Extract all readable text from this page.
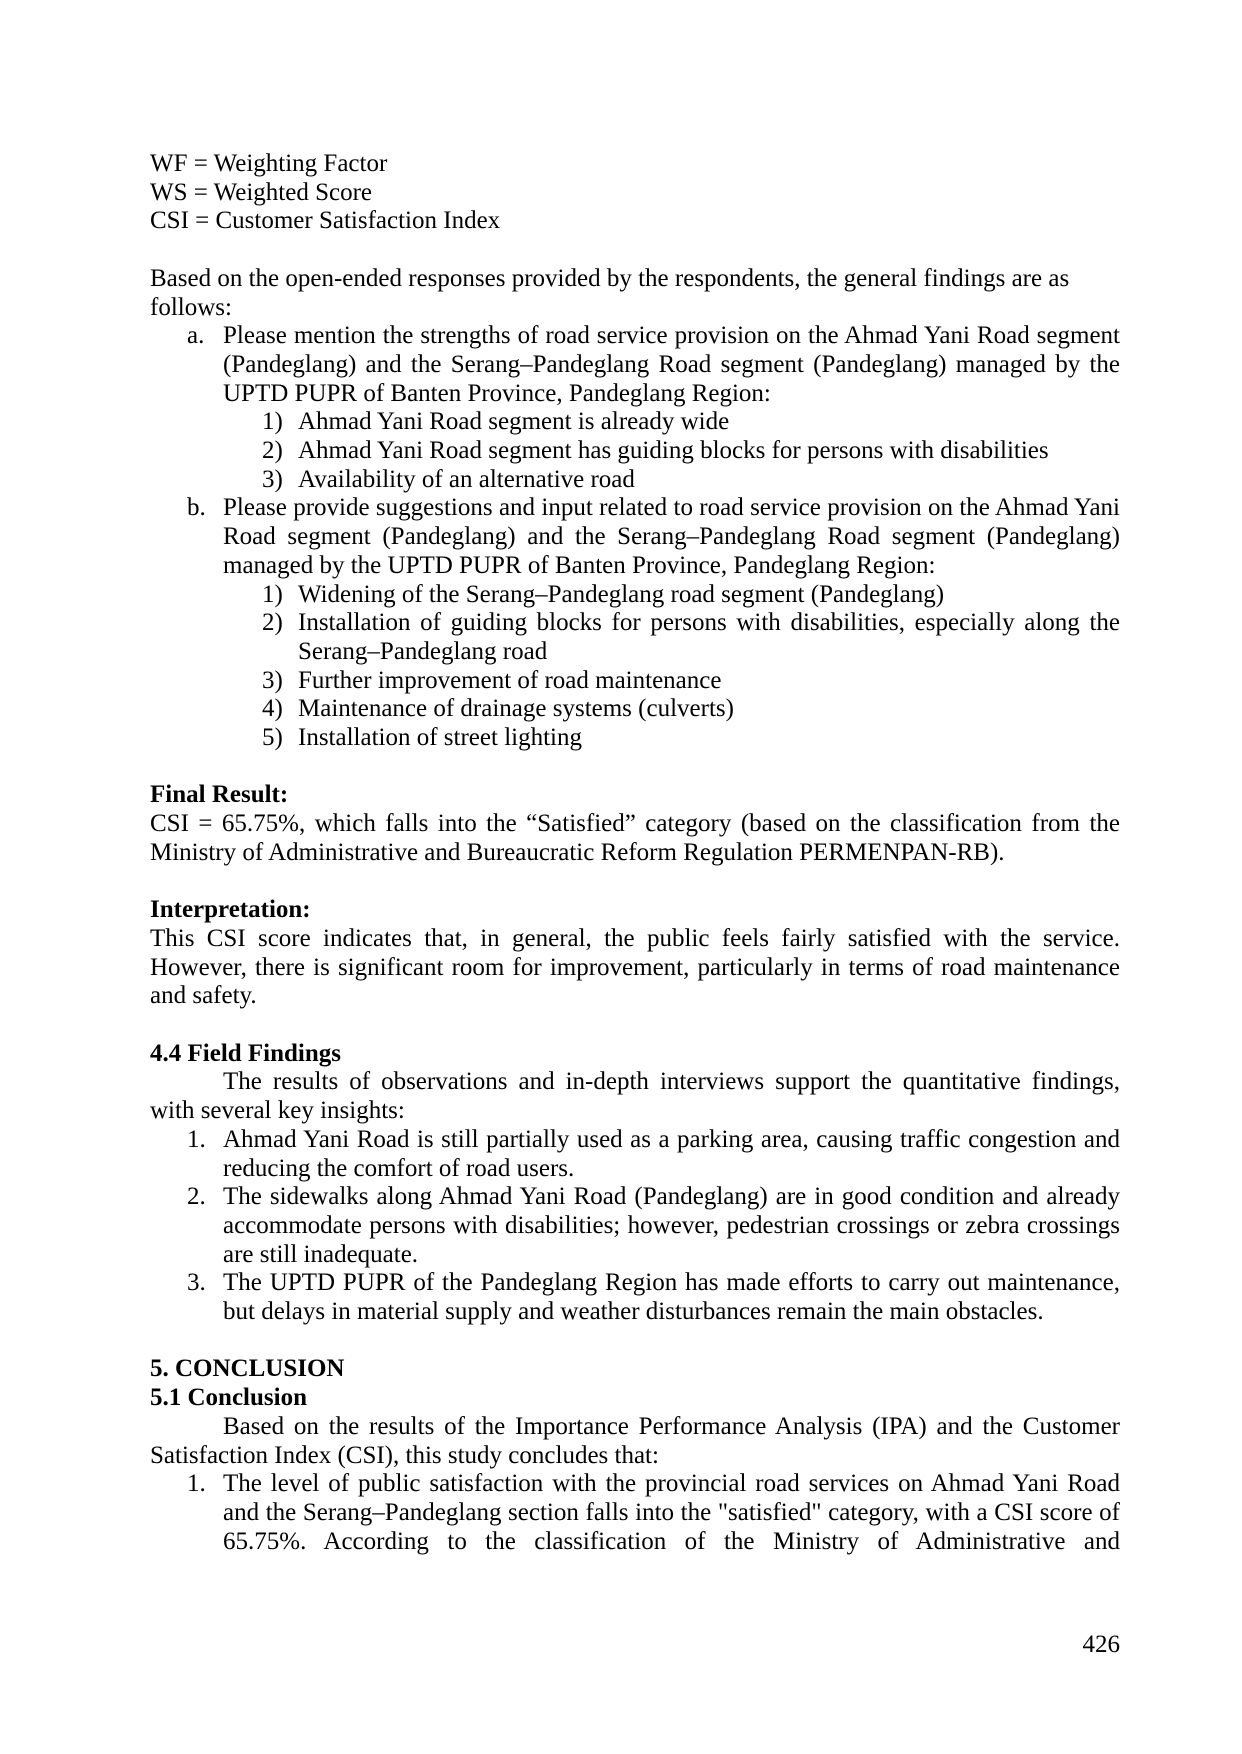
WF = Weighting Factor
WS = Weighted Score
CSI = Customer Satisfaction Index
Based on the open-ended responses provided by the respondents, the general findings are as follows:
a. Please mention the strengths of road service provision on the Ahmad Yani Road segment (Pandeglang) and the Serang–Pandeglang Road segment (Pandeglang) managed by the UPTD PUPR of Banten Province, Pandeglang Region:
1) Ahmad Yani Road segment is already wide
2) Ahmad Yani Road segment has guiding blocks for persons with disabilities
3) Availability of an alternative road
b. Please provide suggestions and input related to road service provision on the Ahmad Yani Road segment (Pandeglang) and the Serang–Pandeglang Road segment (Pandeglang) managed by the UPTD PUPR of Banten Province, Pandeglang Region:
1) Widening of the Serang–Pandeglang road segment (Pandeglang)
2) Installation of guiding blocks for persons with disabilities, especially along the Serang–Pandeglang road
3) Further improvement of road maintenance
4) Maintenance of drainage systems (culverts)
5) Installation of street lighting
Final Result:
CSI = 65.75%, which falls into the “Satisfied” category (based on the classification from the Ministry of Administrative and Bureaucratic Reform Regulation PERMENPAN-RB).
Interpretation:
This CSI score indicates that, in general, the public feels fairly satisfied with the service. However, there is significant room for improvement, particularly in terms of road maintenance and safety.
4.4 Field Findings
The results of observations and in-depth interviews support the quantitative findings, with several key insights:
1. Ahmad Yani Road is still partially used as a parking area, causing traffic congestion and reducing the comfort of road users.
2. The sidewalks along Ahmad Yani Road (Pandeglang) are in good condition and already accommodate persons with disabilities; however, pedestrian crossings or zebra crossings are still inadequate.
3. The UPTD PUPR of the Pandeglang Region has made efforts to carry out maintenance, but delays in material supply and weather disturbances remain the main obstacles.
5. CONCLUSION
5.1 Conclusion
Based on the results of the Importance Performance Analysis (IPA) and the Customer Satisfaction Index (CSI), this study concludes that:
1. The level of public satisfaction with the provincial road services on Ahmad Yani Road and the Serang–Pandeglang section falls into the "satisfied" category, with a CSI score of 65.75%. According to the classification of the Ministry of Administrative and
426
